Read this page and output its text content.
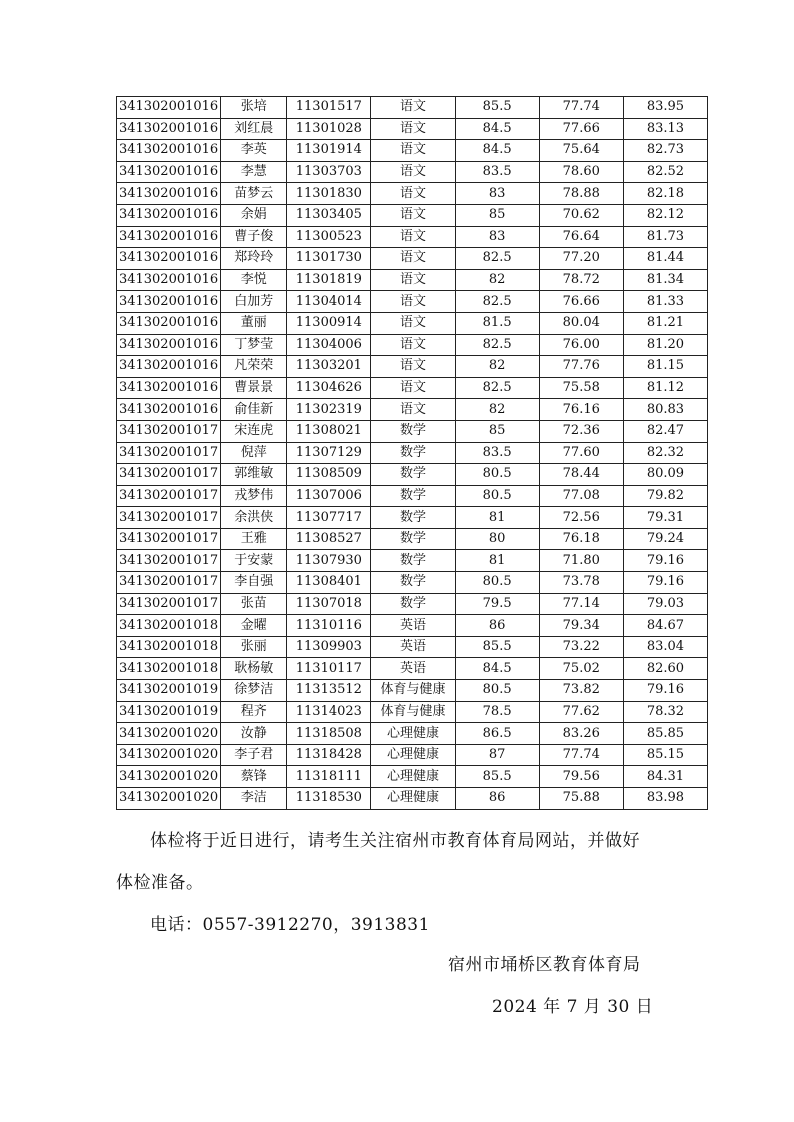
341302001016	张培	11301517	语文	85.5	77.74	83.95
341302001016	刘红晨	11301028	语文	84.5	77.66	83.13
341302001016	李英	11301914	语文	84.5	75.64	82.73
341302001016	李慧	11303703	语文	83.5	78.60	82.52
341302001016	苗梦云	11301830	语文	83	78.88	82.18
341302001016	余娟	11303405	语文	85	70.62	82.12
341302001016	曹子俊	11300523	语文	83	76.64	81.73
341302001016	郑玲玲	11301730	语文	82.5	77.20	81.44
341302001016	李悦	11301819	语文	82	78.72	81.34
341302001016	白加芳	11304014	语文	82.5	76.66	81.33
341302001016	董丽	11300914	语文	81.5	80.04	81.21
341302001016	丁梦莹	11304006	语文	82.5	76.00	81.20
341302001016	凡荣荣	11303201	语文	82	77.76	81.15
341302001016	曹景景	11304626	语文	82.5	75.58	81.12
341302001016	俞佳新	11302319	语文	82	76.16	80.83
341302001017	宋连虎	11308021	数学	85	72.36	82.47
341302001017	倪萍	11307129	数学	83.5	77.60	82.32
341302001017	郭维敏	11308509	数学	80.5	78.44	80.09
341302001017	戎梦伟	11307006	数学	80.5	77.08	79.82
341302001017	余洪侠	11307717	数学	81	72.56	79.31
341302001017	王雅	11308527	数学	80	76.18	79.24
341302001017	于安蒙	11307930	数学	81	71.80	79.16
341302001017	李自强	11308401	数学	80.5	73.78	79.16
341302001017	张苗	11307018	数学	79.5	77.14	79.03
341302001018	金曜	11310116	英语	86	79.34	84.67
341302001018	张丽	11309903	英语	85.5	73.22	83.04
341302001018	耿杨敏	11310117	英语	84.5	75.02	82.60
341302001019	徐梦洁	11313512	体育与健康	80.5	73.82	79.16
341302001019	程齐	11314023	体育与健康	78.5	77.62	78.32
341302001020	汝静	11318508	心理健康	86.5	83.26	85.85
341302001020	李子君	11318428	心理健康	87	77.74	85.15
341302001020	蔡锋	11318111	心理健康	85.5	79.56	84.31
341302001020	李洁	11318530	心理健康	86	75.88	83.98

体检将于近日进行，请考生关注宿州市教育体育局网站，并做好

体检准备。

电话：0557-3912270，3913831

宿州市埇桥区教育体育局

2024 年 7 月 30 日
